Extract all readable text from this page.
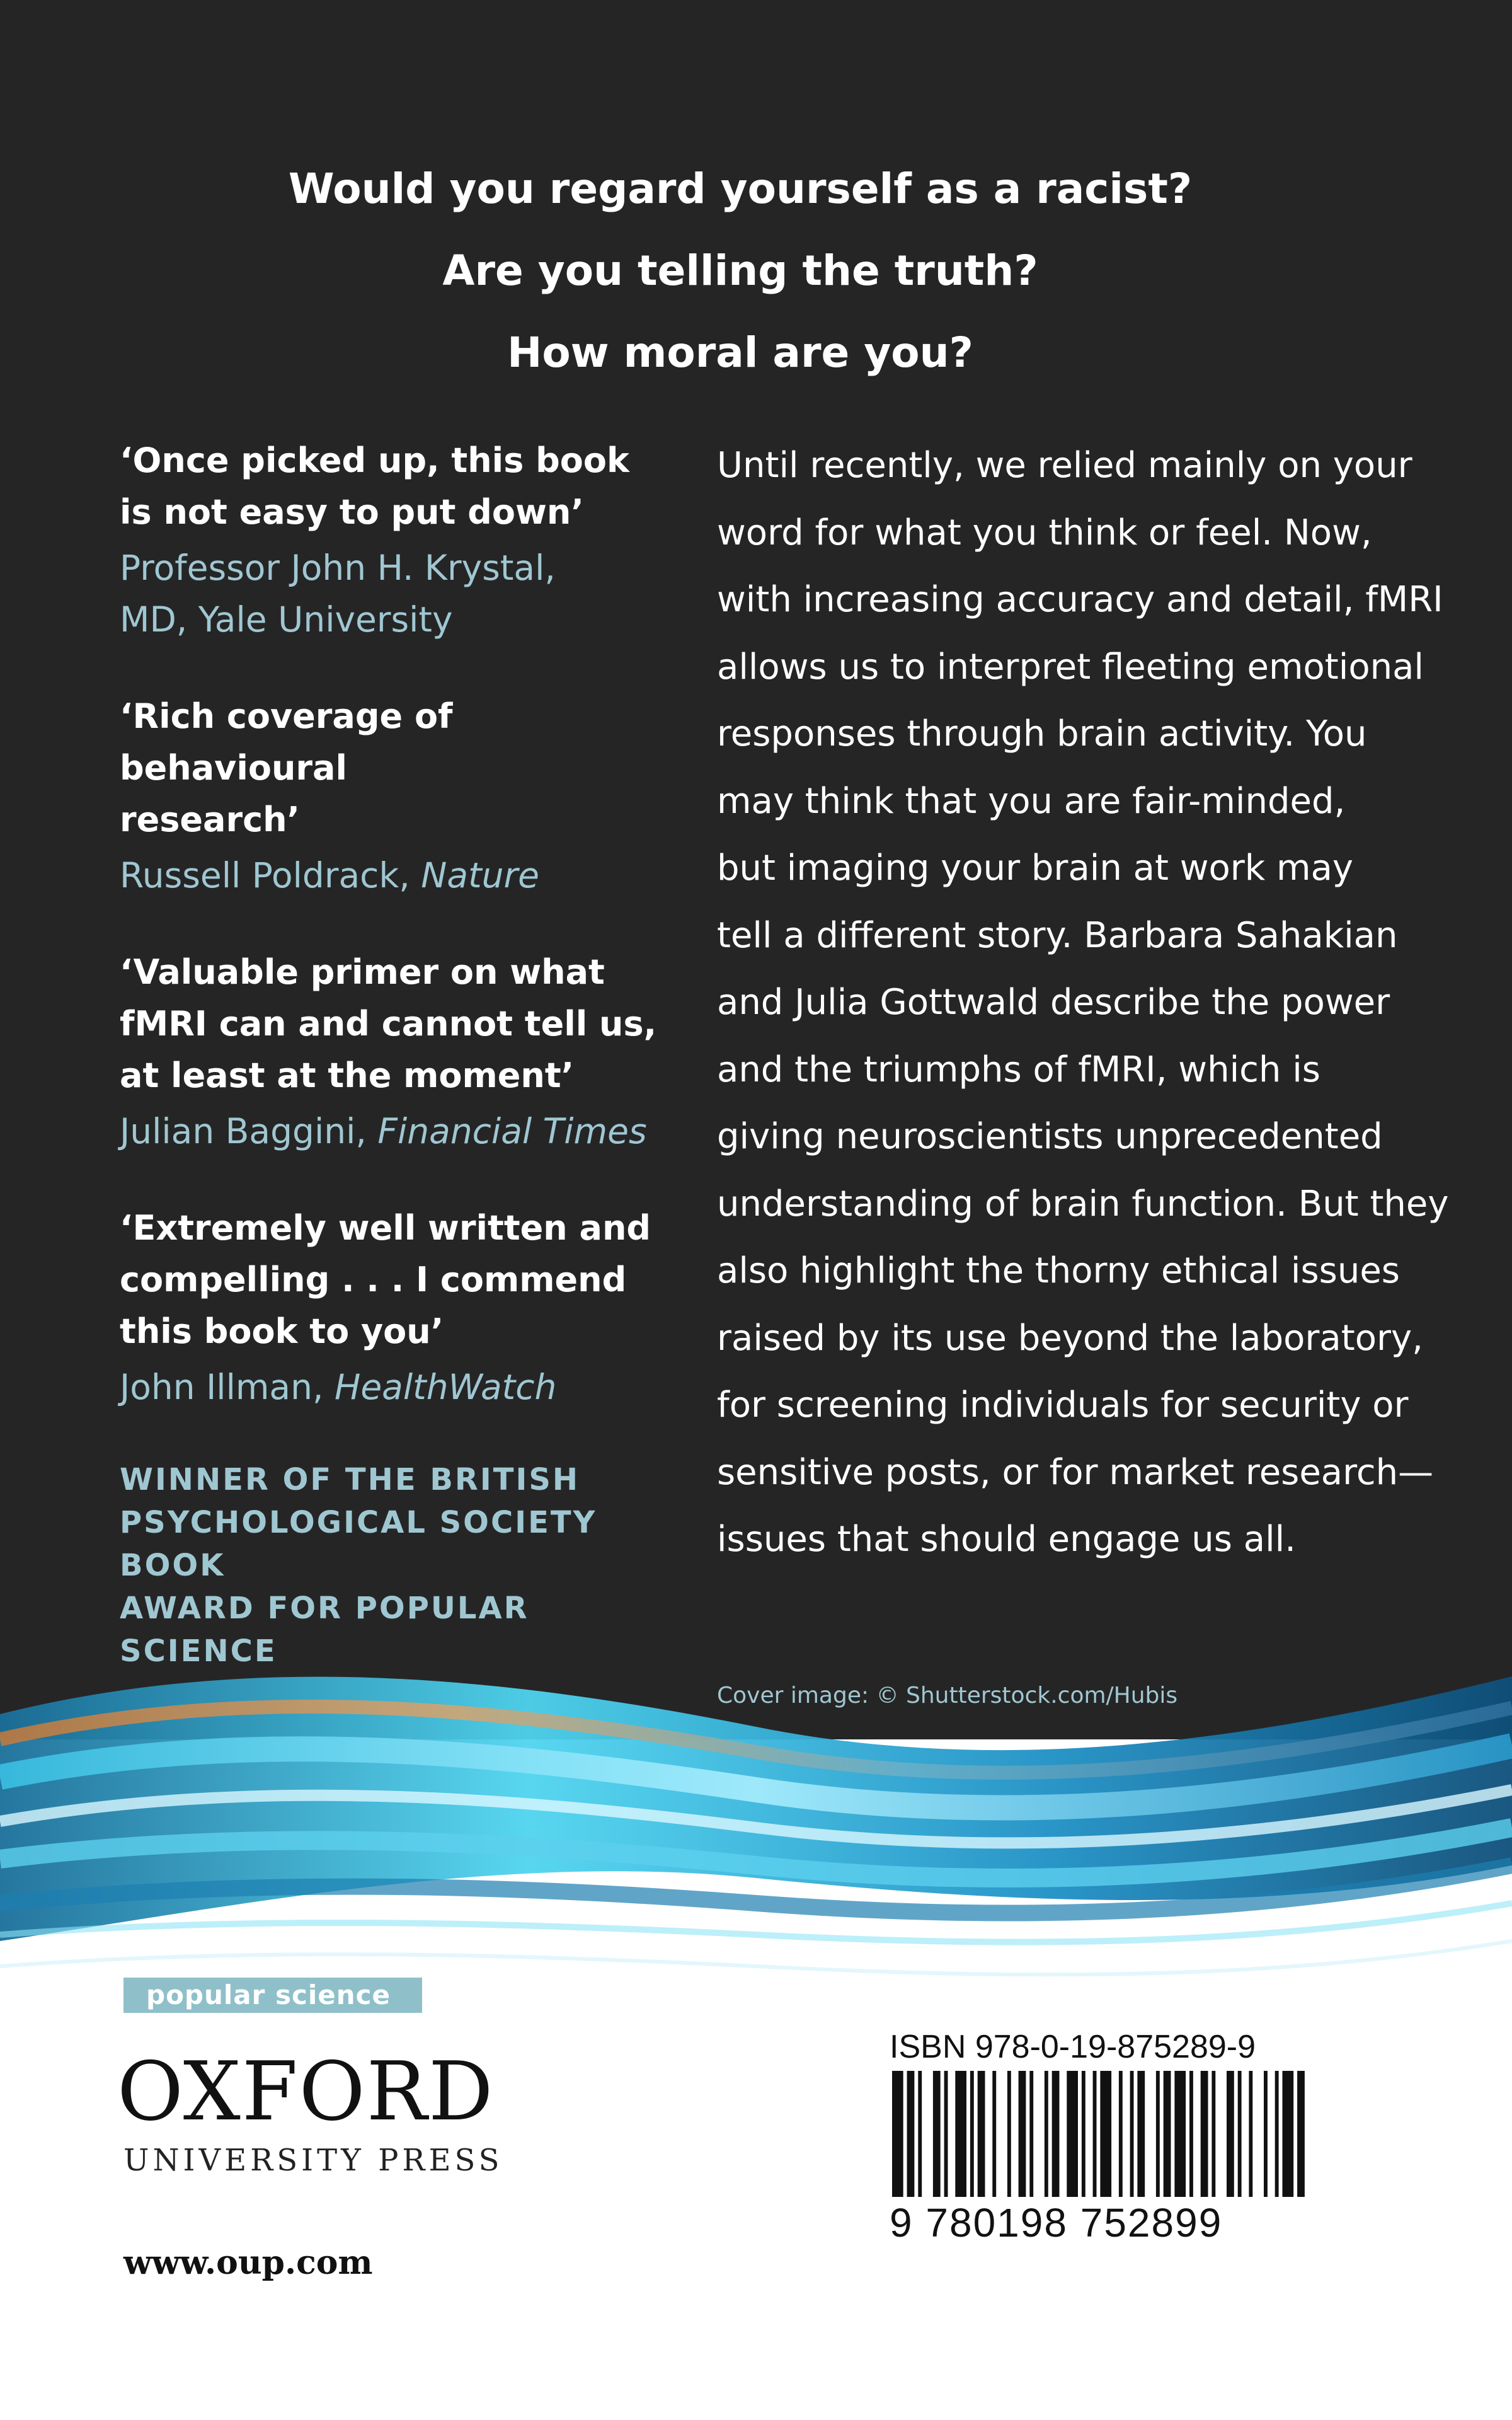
Would you regard yourself as a racist?
Are you telling the truth?
How moral are you?
‘Once picked up, this book
is not easy to put down’
Professor John H. Krystal,
MD, Yale University
‘Rich coverage of behavioural
research’
Russell Poldrack, Nature
‘Valuable primer on what
fMRI can and cannot tell us,
at least at the moment’
Julian Baggini, Financial Times
‘Extremely well written and
compelling . . . I commend
this book to you’
John Illman, HealthWatch
WINNER OF THE BRITISH
PSYCHOLOGICAL SOCIETY BOOK
AWARD FOR POPULAR SCIENCE
Until recently, we relied mainly on your
word for what you think or feel. Now,
with increasing accuracy and detail, fMRI
allows us to interpret fleeting emotional
responses through brain activity. You
may think that you are fair-minded,
but imaging your brain at work may
tell a different story. Barbara Sahakian
and Julia Gottwald describe the power
and the triumphs of fMRI, which is
giving neuroscientists unprecedented
understanding of brain function. But they
also highlight the thorny ethical issues
raised by its use beyond the laboratory,
for screening individuals for security or
sensitive posts, or for market research—
issues that should engage us all.
Cover image: © Shutterstock.com/Hubis
popular science
OXFORD
UNIVERSITY PRESS
www.oup.com
ISBN 978-0-19-875289-9
9 780198 752899
